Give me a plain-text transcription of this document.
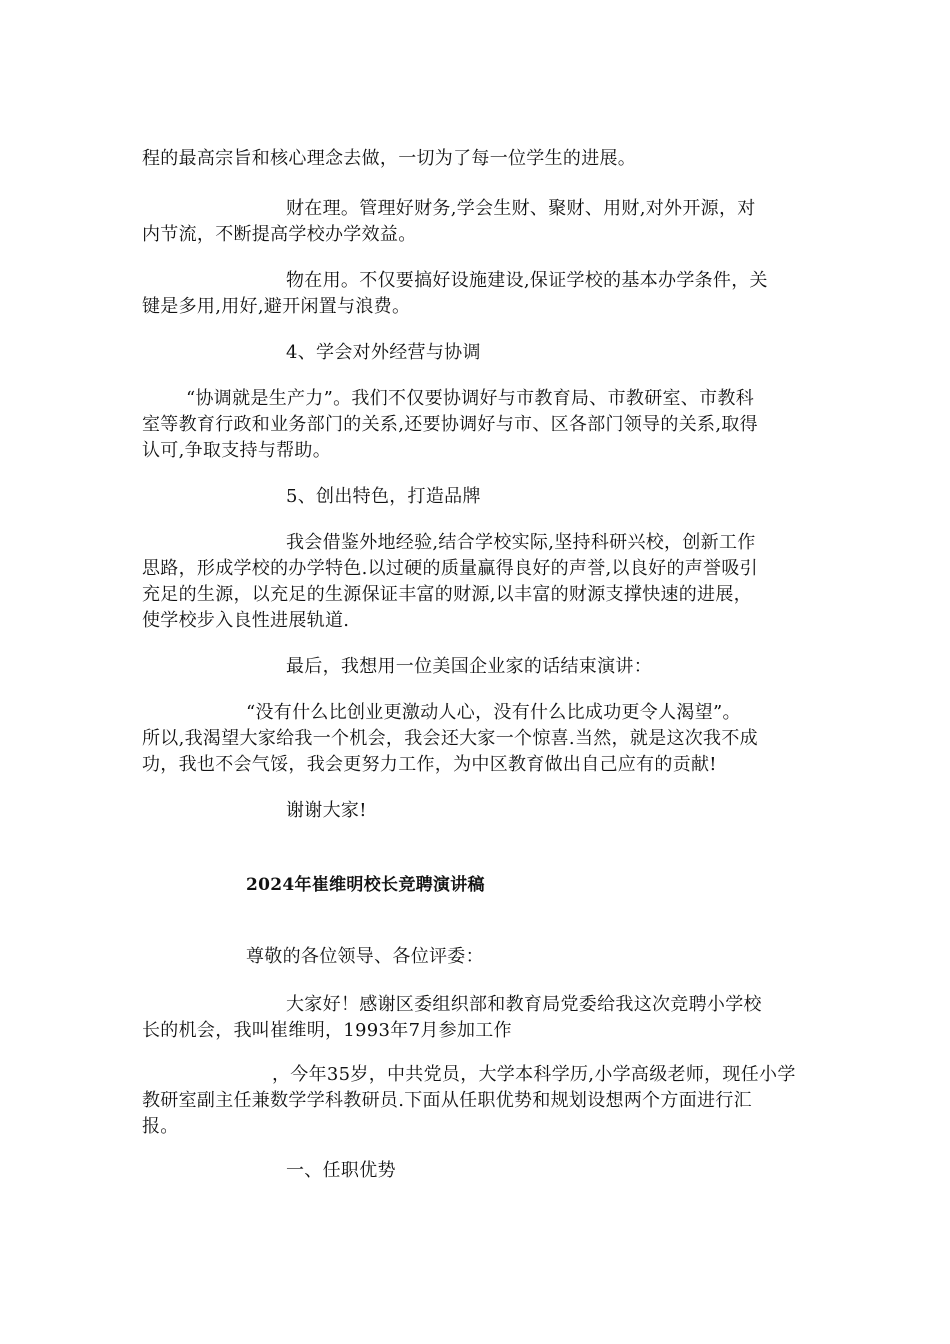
程的最高宗旨和核心理念去做，一切为了每一位学生的进展。

财在理。管理好财务,学会生财、聚财、用财,对外开源，对

内节流，不断提高学校办学效益。

物在用。不仅要搞好设施建设,保证学校的基本办学条件，关

键是多用,用好,避开闲置与浪费。

4、学会对外经营与协调

“协调就是生产力”。我们不仅要协调好与市教育局、市教研室、市教科

室等教育行政和业务部门的关系,还要协调好与市、区各部门领导的关系,取得

认可,争取支持与帮助。

5、创出特色，打造品牌

我会借鉴外地经验,结合学校实际,坚持科研兴校，创新工作

思路，形成学校的办学特色.以过硬的质量赢得良好的声誉,以良好的声誉吸引

充足的生源，以充足的生源保证丰富的财源,以丰富的财源支撑快速的进展，

使学校步入良性进展轨道.

最后，我想用一位美国企业家的话结束演讲：

“没有什么比创业更激动人心，没有什么比成功更令人渴望”。

所以,我渴望大家给我一个机会，我会还大家一个惊喜.当然，就是这次我不成

功，我也不会气馁，我会更努力工作，为中区教育做出自己应有的贡献!

谢谢大家!

2024年崔维明校长竞聘演讲稿

尊敬的各位领导、各位评委：

大家好！感谢区委组织部和教育局党委给我这次竞聘小学校

长的机会，我叫崔维明，1993年7月参加工作

，今年35岁，中共党员，大学本科学历,小学高级老师，现任小学

教研室副主任兼数学学科教研员.下面从任职优势和规划设想两个方面进行汇

报。

一、任职优势
